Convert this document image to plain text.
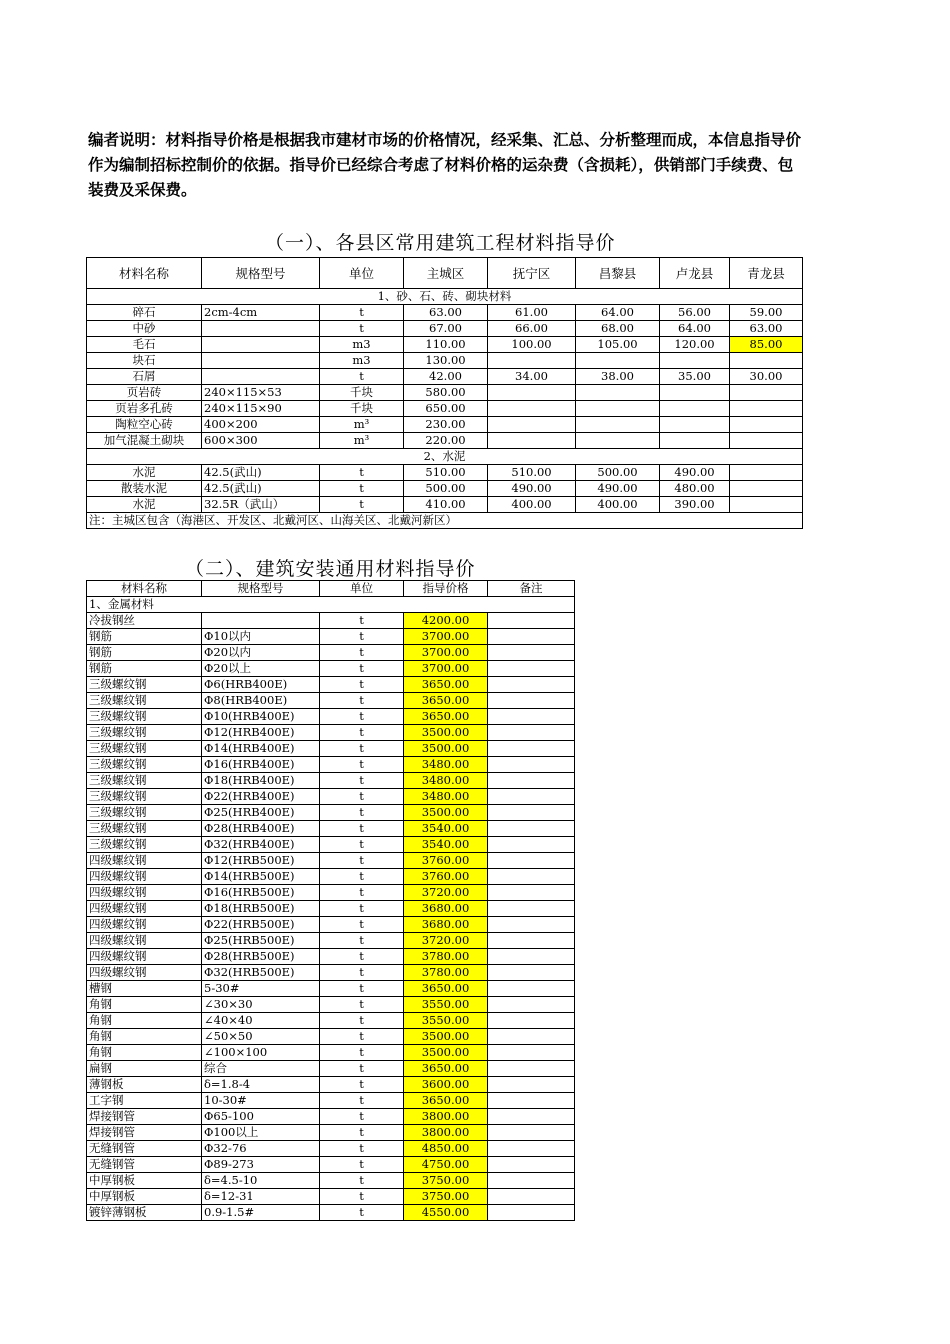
编者说明：材料指导价格是根据我市建材市场的价格情况，经采集、汇总、分析整理而成，本信息指导价作为编制招标控制价的依据。指导价已经综合考虑了材料价格的运杂费（含损耗），供销部门手续费、包装费及采保费。
（一）、各县区常用建筑工程材料指导价
材料名称	规格型号	单位	主城区	抚宁区	昌黎县	卢龙县	青龙县
1、砂、石、砖、砌块材料							
碎石	2cm-4cm	t	63.00	61.00	64.00	56.00	59.00
中砂		t	67.00	66.00	68.00	64.00	63.00
毛石		m3	110.00	100.00	105.00	120.00	85.00
块石		m3	130.00				
石屑		t	42.00	34.00	38.00	35.00	30.00
页岩砖	240×115×53	千块	580.00				
页岩多孔砖	240×115×90	千块	650.00				
陶粒空心砖	400×200	m³	230.00				
加气混凝土砌块	600×300	m³	220.00				
2、水泥							
水泥	42.5(武山)	t	510.00	510.00	500.00	490.00	
散装水泥	42.5(武山)	t	500.00	490.00	490.00	480.00	
水泥	32.5R（武山）	t	410.00	400.00	400.00	390.00	
注：主城区包含（海港区、开发区、北戴河区、山海关区、北戴河新区）							
（二）、建筑安装通用材料指导价
材料名称	规格型号	单位	指导价格	备注
1、金属材料				
冷拔钢丝		t	4200.00	
钢筋	Φ10以内	t	3700.00	
钢筋	Φ20以内	t	3700.00	
钢筋	Φ20以上	t	3700.00	
三级螺纹钢	Φ6(HRB400E)	t	3650.00	
三级螺纹钢	Φ8(HRB400E)	t	3650.00	
三级螺纹钢	Φ10(HRB400E)	t	3650.00	
三级螺纹钢	Φ12(HRB400E)	t	3500.00	
三级螺纹钢	Φ14(HRB400E)	t	3500.00	
三级螺纹钢	Φ16(HRB400E)	t	3480.00	
三级螺纹钢	Φ18(HRB400E)	t	3480.00	
三级螺纹钢	Φ22(HRB400E)	t	3480.00	
三级螺纹钢	Φ25(HRB400E)	t	3500.00	
三级螺纹钢	Φ28(HRB400E)	t	3540.00	
三级螺纹钢	Φ32(HRB400E)	t	3540.00	
四级螺纹钢	Φ12(HRB500E)	t	3760.00	
四级螺纹钢	Φ14(HRB500E)	t	3760.00	
四级螺纹钢	Φ16(HRB500E)	t	3720.00	
四级螺纹钢	Φ18(HRB500E)	t	3680.00	
四级螺纹钢	Φ22(HRB500E)	t	3680.00	
四级螺纹钢	Φ25(HRB500E)	t	3720.00	
四级螺纹钢	Φ28(HRB500E)	t	3780.00	
四级螺纹钢	Φ32(HRB500E)	t	3780.00	
槽钢	5-30#	t	3650.00	
角钢	∠30×30	t	3550.00	
角钢	∠40×40	t	3550.00	
角钢	∠50×50	t	3500.00	
角钢	∠100×100	t	3500.00	
扁钢	综合	t	3650.00	
薄钢板	δ=1.8-4	t	3600.00	
工字钢	10-30#	t	3650.00	
焊接钢管	Φ65-100	t	3800.00	
焊接钢管	Φ100以上	t	3800.00	
无缝钢管	Φ32-76	t	4850.00	
无缝钢管	Φ89-273	t	4750.00	
中厚钢板	δ=4.5-10	t	3750.00	
中厚钢板	δ=12-31	t	3750.00	
镀锌薄钢板	0.9-1.5#	t	4550.00	
